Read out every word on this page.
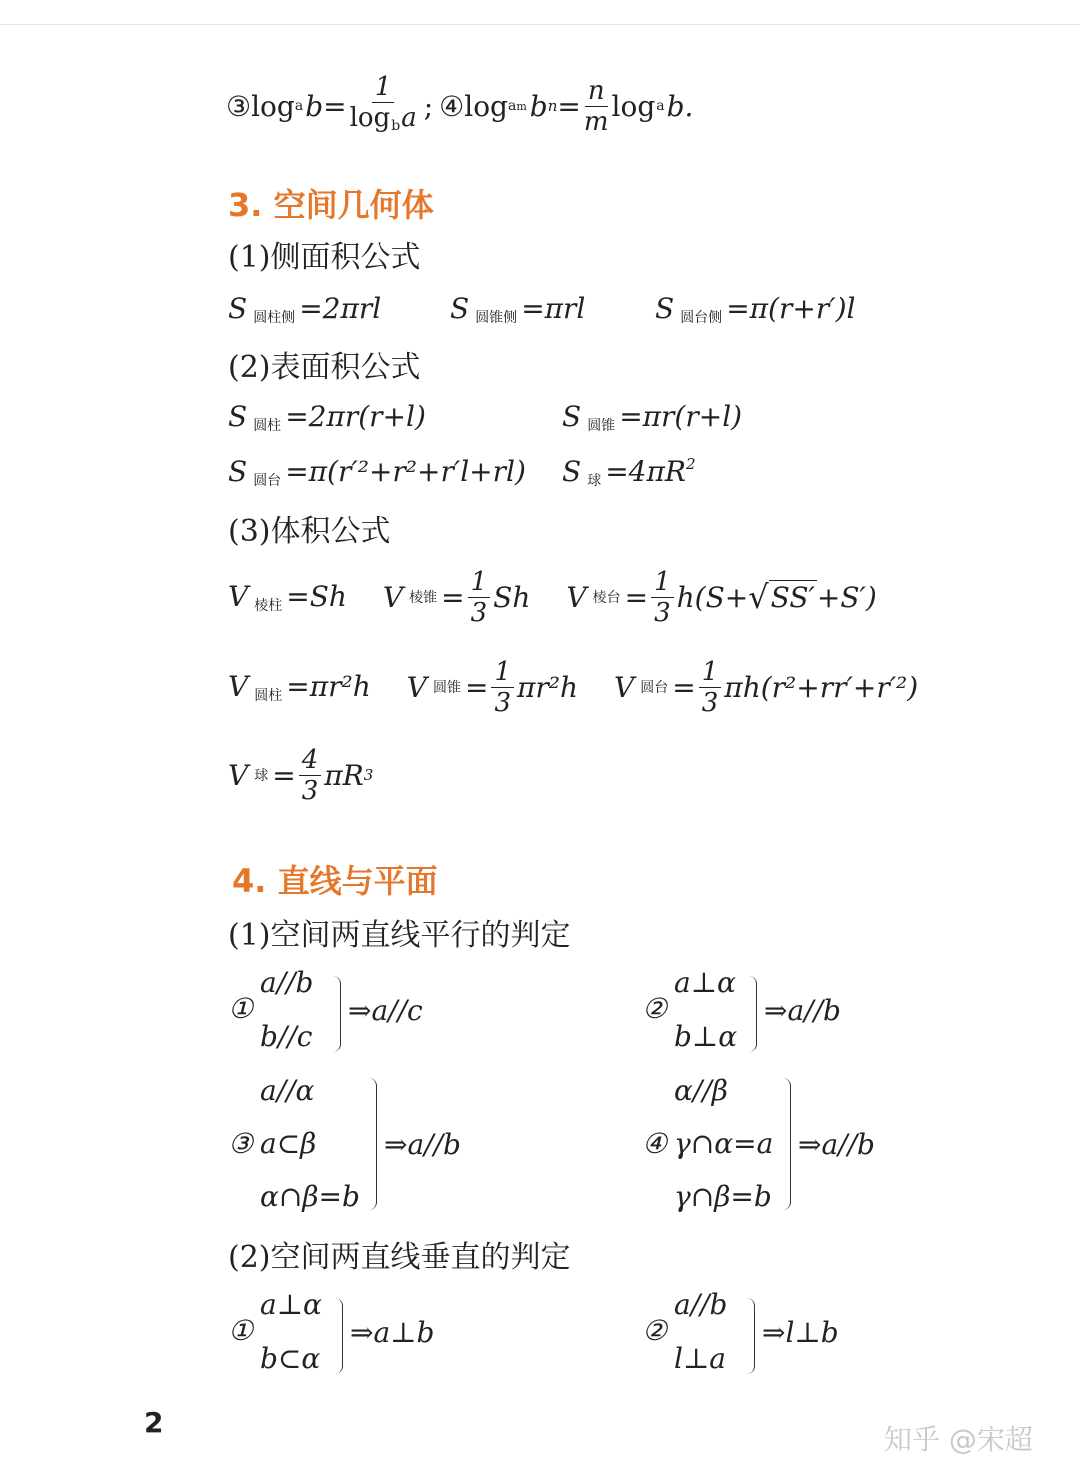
③log a $b= \frac{1}{\log_ba}$ ; ④log a m b $n = \frac{n}{m}$ log a b.
3. 空间几何体
(1)侧面积公式
S $_{圆柱侧}$ =2πrl S $_{圆锥侧}$ =πrl S $_{圆台侧}$ =π(r+r′)l
(2)表面积公式
S $_{圆柱}$ =2πr(r+l)	S $_{圆锥}$ =πr(r+l)
S $_{圆台}$ =π(r′²+r²+r′l+rl) S $_球 =4\pi R^2$
(3)体积公式
V $_{棱柱}$ =Sh V 棱锥 = $\frac{1}{3}$ Sh V 棱台 = $\frac{1}{3} h(S+$ √ SS′ +S′)
V $_{圆柱}$ =πr²h V 圆锥 = $\frac{1}{3} \pi r^2h$ V 圆台 = $\frac{1}{3} \pi h(r^2+rr'+r'^2)$
V 球 = $\frac{4}{3}$ πR 3
4. 直线与平面
(1)空间两直线平行的判定
①
a//b
b//c
⇒a//c	②
a⊥α
b⊥α
⇒a//b
a//α
③ a⊂β
α∩β=b
⇒a//b
α//β
④ γ∩α=a
γ∩β=b
⇒a//b
(2)空间两直线垂直的判定
①
a⊥α
b⊂α
⇒a⊥b	②
a//b
l⊥a
⇒l⊥b
2
知乎 @宋超
